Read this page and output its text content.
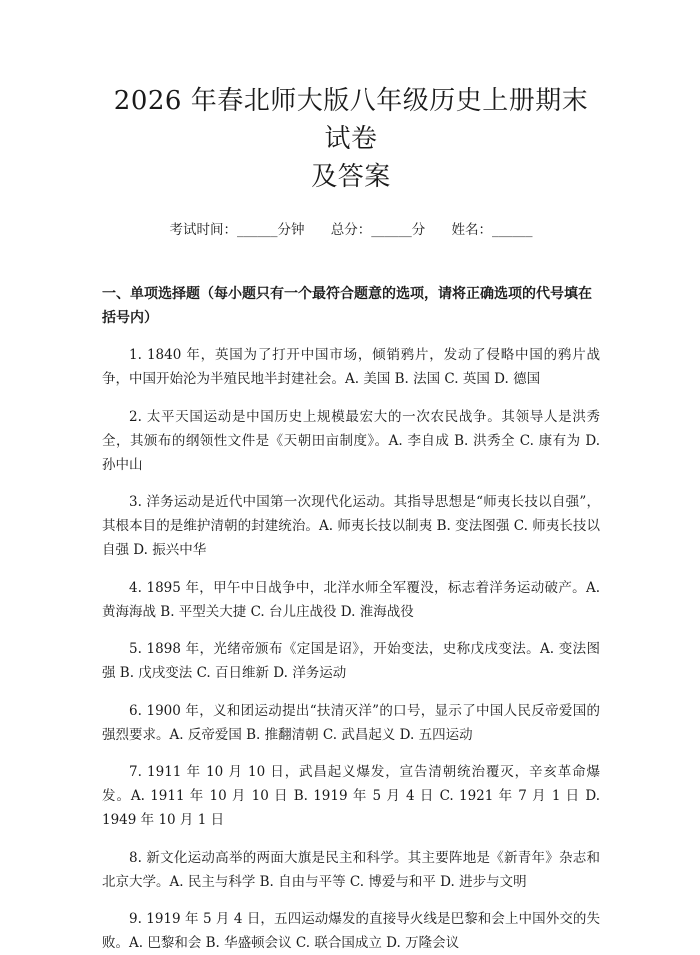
2026 年春北师大版八年级历史上册期末试卷
及答案
考试时间：______分钟 总分：______分 姓名：______
一、单项选择题（每小题只有一个最符合题意的选项，请将正确选项的代号填在括号内）

1. 1840 年，英国为了打开中国市场，倾销鸦片，发动了侵略中国的鸦片战争，中国开始沦为半殖民地半封建社会。A. 美国 B. 法国 C. 英国 D. 德国

2. 太平天国运动是中国历史上规模最宏大的一次农民战争。其领导人是洪秀全，其颁布的纲领性文件是《天朝田亩制度》。A. 李自成 B. 洪秀全 C. 康有为 D. 孙中山

3. 洋务运动是近代中国第一次现代化运动。其指导思想是“师夷长技以自强”，其根本目的是维护清朝的封建统治。A. 师夷长技以制夷 B. 变法图强 C. 师夷长技以自强 D. 振兴中华

4. 1895 年，甲午中日战争中，北洋水师全军覆没，标志着洋务运动破产。A. 黄海海战 B. 平型关大捷 C. 台儿庄战役 D. 淮海战役

5. 1898 年，光绪帝颁布《定国是诏》，开始变法，史称戊戌变法。A. 变法图强 B. 戊戌变法 C. 百日维新 D. 洋务运动

6. 1900 年，义和团运动提出“扶清灭洋”的口号，显示了中国人民反帝爱国的强烈要求。A. 反帝爱国 B. 推翻清朝 C. 武昌起义 D. 五四运动

7. 1911 年 10 月 10 日，武昌起义爆发，宣告清朝统治覆灭，辛亥革命爆发。A. 1911 年 10 月 10 日 B. 1919 年 5 月 4 日 C. 1921 年 7 月 1 日 D. 1949 年 10 月 1 日

8. 新文化运动高举的两面大旗是民主和科学。其主要阵地是《新青年》杂志和北京大学。A. 民主与科学 B. 自由与平等 C. 博爱与和平 D. 进步与文明

9. 1919 年 5 月 4 日，五四运动爆发的直接导火线是巴黎和会上中国外交的失败。A. 巴黎和会 B. 华盛顿会议 C. 联合国成立 D. 万隆会议
